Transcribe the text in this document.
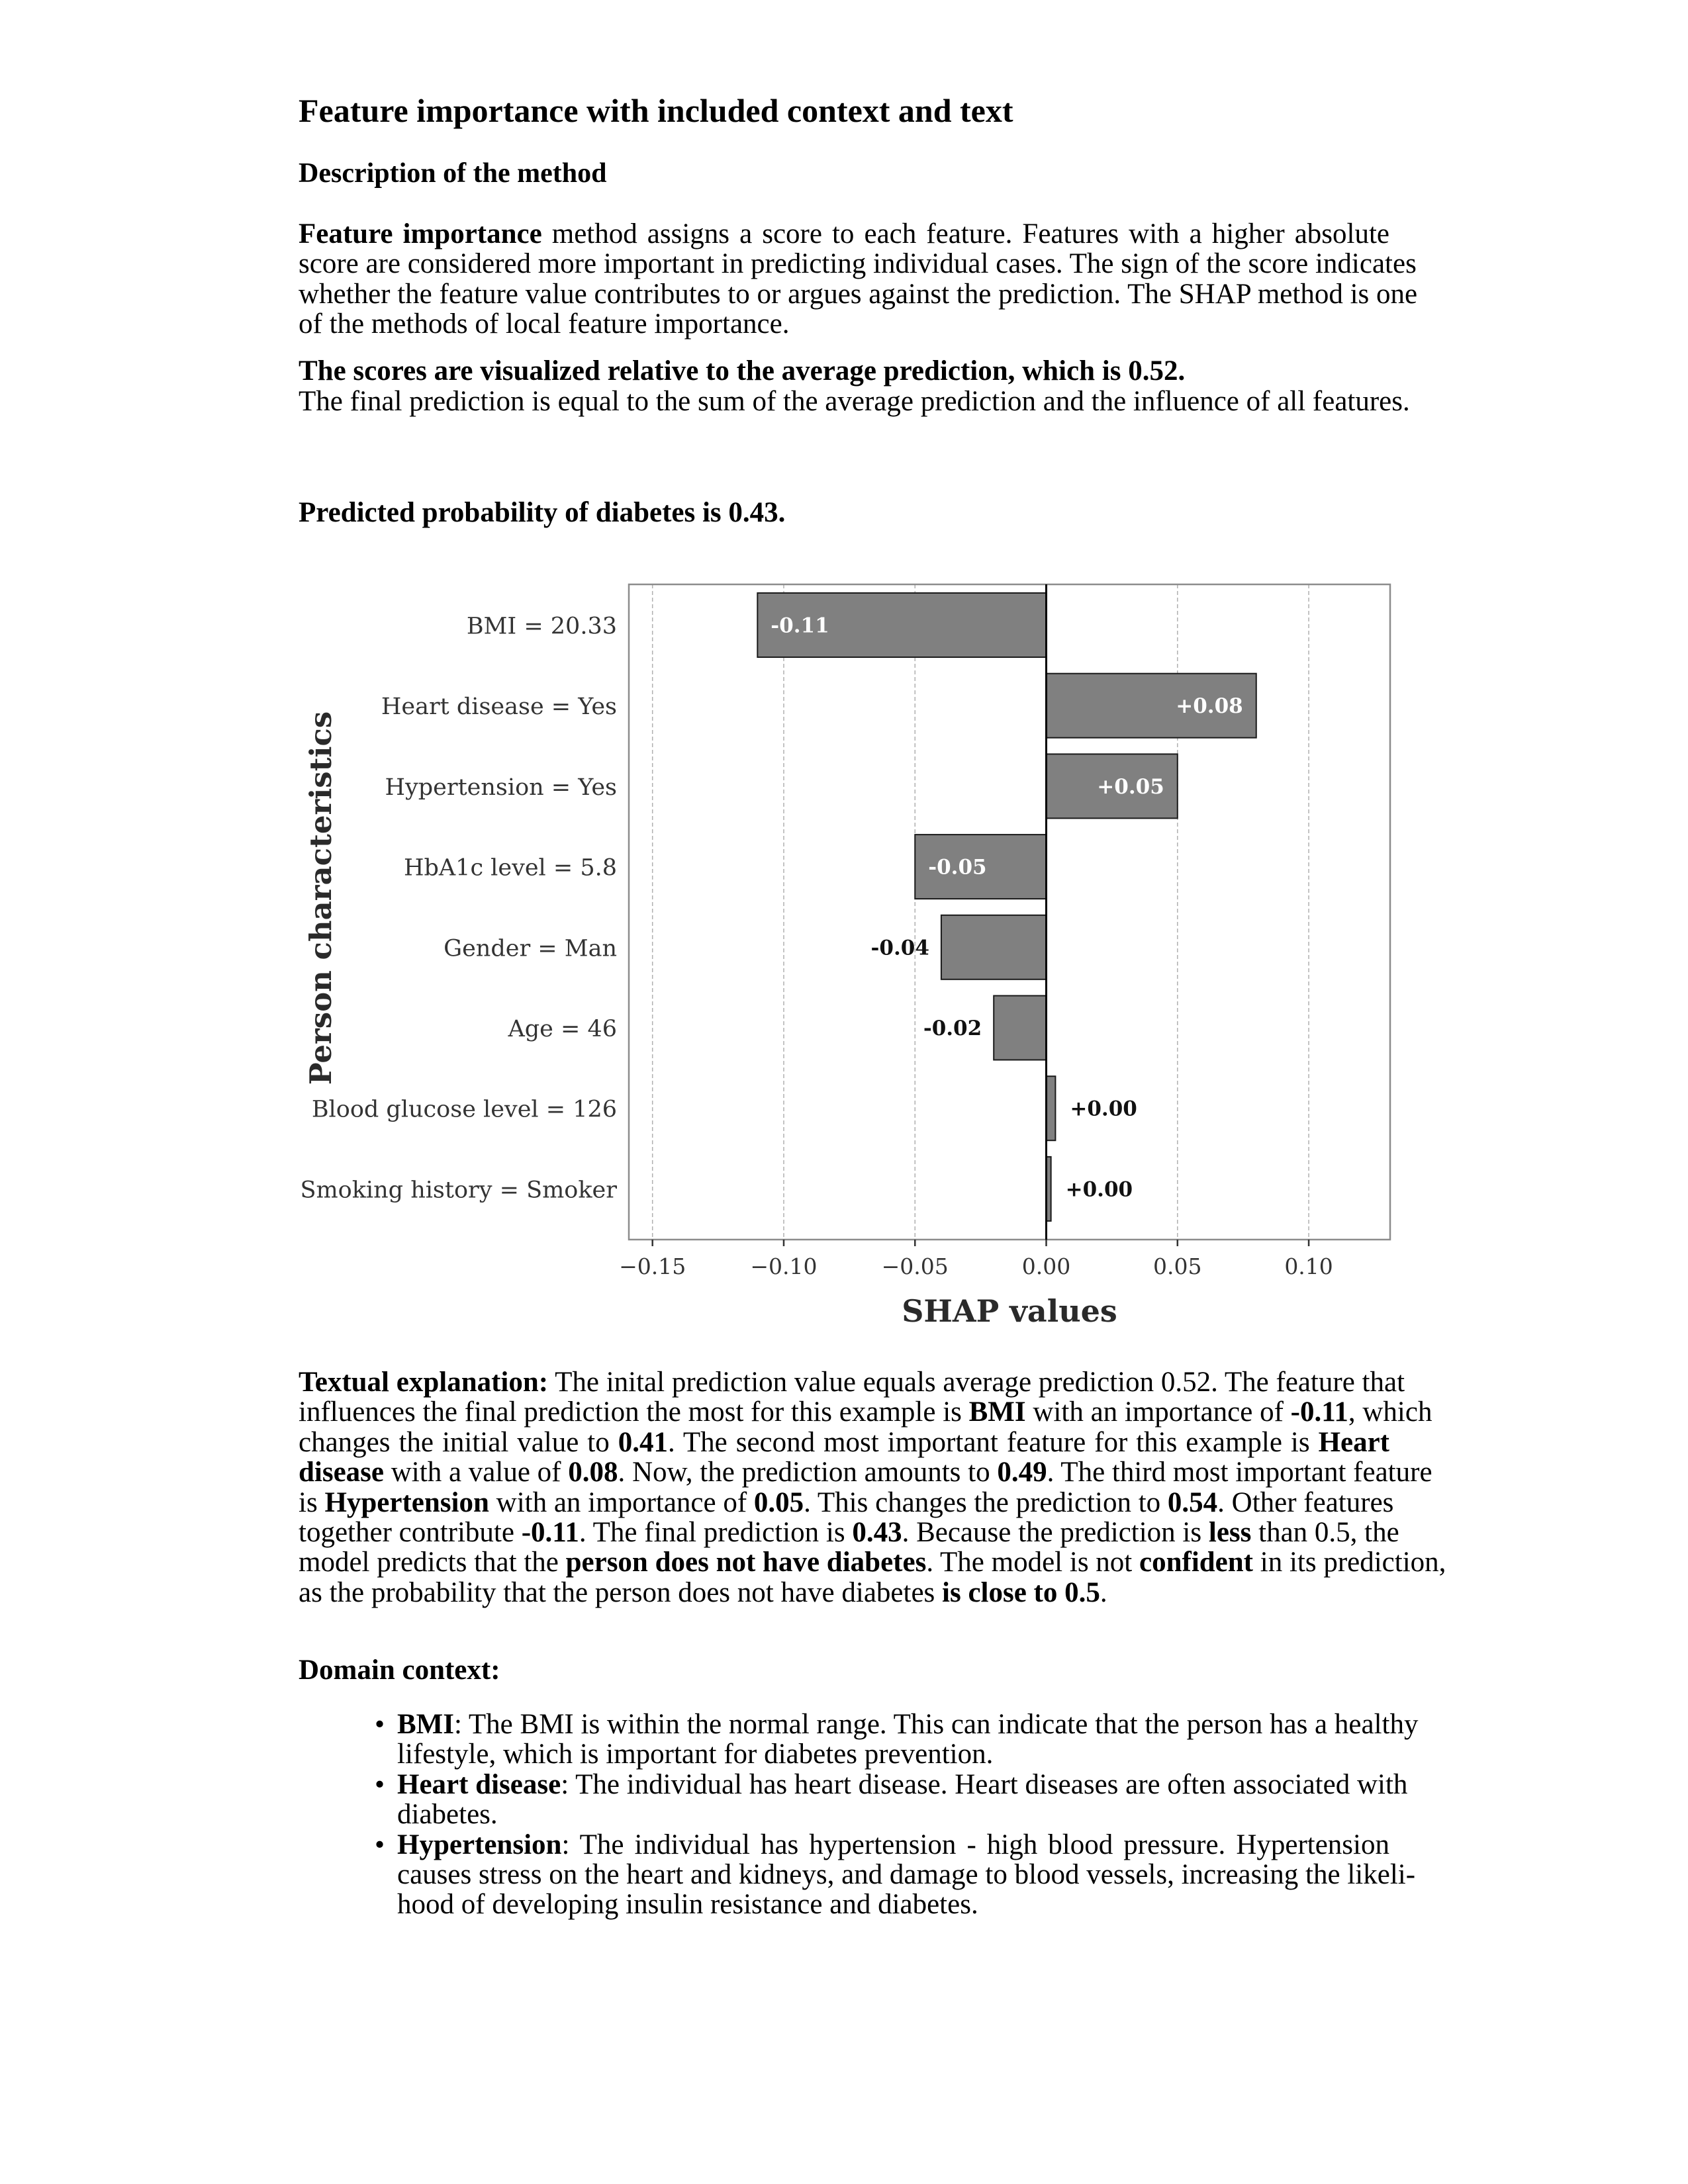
Feature importance with included context and text
Description of the method
Feature importance method assigns a score to each feature. Features with a higher absolute
score are considered more important in predicting individual cases. The sign of the score indicates
whether the feature value contributes to or argues against the prediction. The SHAP method is one
of the methods of local feature importance.
The scores are visualized relative to the average prediction, which is 0.52.
The final prediction is equal to the sum of the average prediction and the influence of all features.
Predicted probability of diabetes is 0.43.
-0.11
BMI = 20.33
+0.08
Heart disease = Yes
+0.05
Hypertension = Yes
-0.05
HbA1c level = 5.8
-0.04
Gender = Man
-0.02
Age = 46
+0.00
Blood glucose level = 126
+0.00
Smoking history = Smoker
−0.15	−0.10	−0.05	0.00	0.05	0.10
SHAP values
Person characteristics
Textual explanation: The inital prediction value equals average prediction 0.52. The feature that
influences the final prediction the most for this example is BMI with an importance of -0.11, which
changes the initial value to 0.41. The second most important feature for this example is Heart
disease with a value of 0.08. Now, the prediction amounts to 0.49. The third most important feature
is Hypertension with an importance of 0.05. This changes the prediction to 0.54. Other features
together contribute -0.11. The final prediction is 0.43. Because the prediction is less than 0.5, the
model predicts that the person does not have diabetes. The model is not confident in its prediction,
as the probability that the person does not have diabetes is close to 0.5.
Domain context:
• BMI: The BMI is within the normal range. This can indicate that the person has a healthy
lifestyle, which is important for diabetes prevention.
• Heart disease: The individual has heart disease. Heart diseases are often associated with
diabetes.
• Hypertension: The individual has hypertension - high blood pressure. Hypertension
causes stress on the heart and kidneys, and damage to blood vessels, increasing the likeli-
hood of developing insulin resistance and diabetes.
